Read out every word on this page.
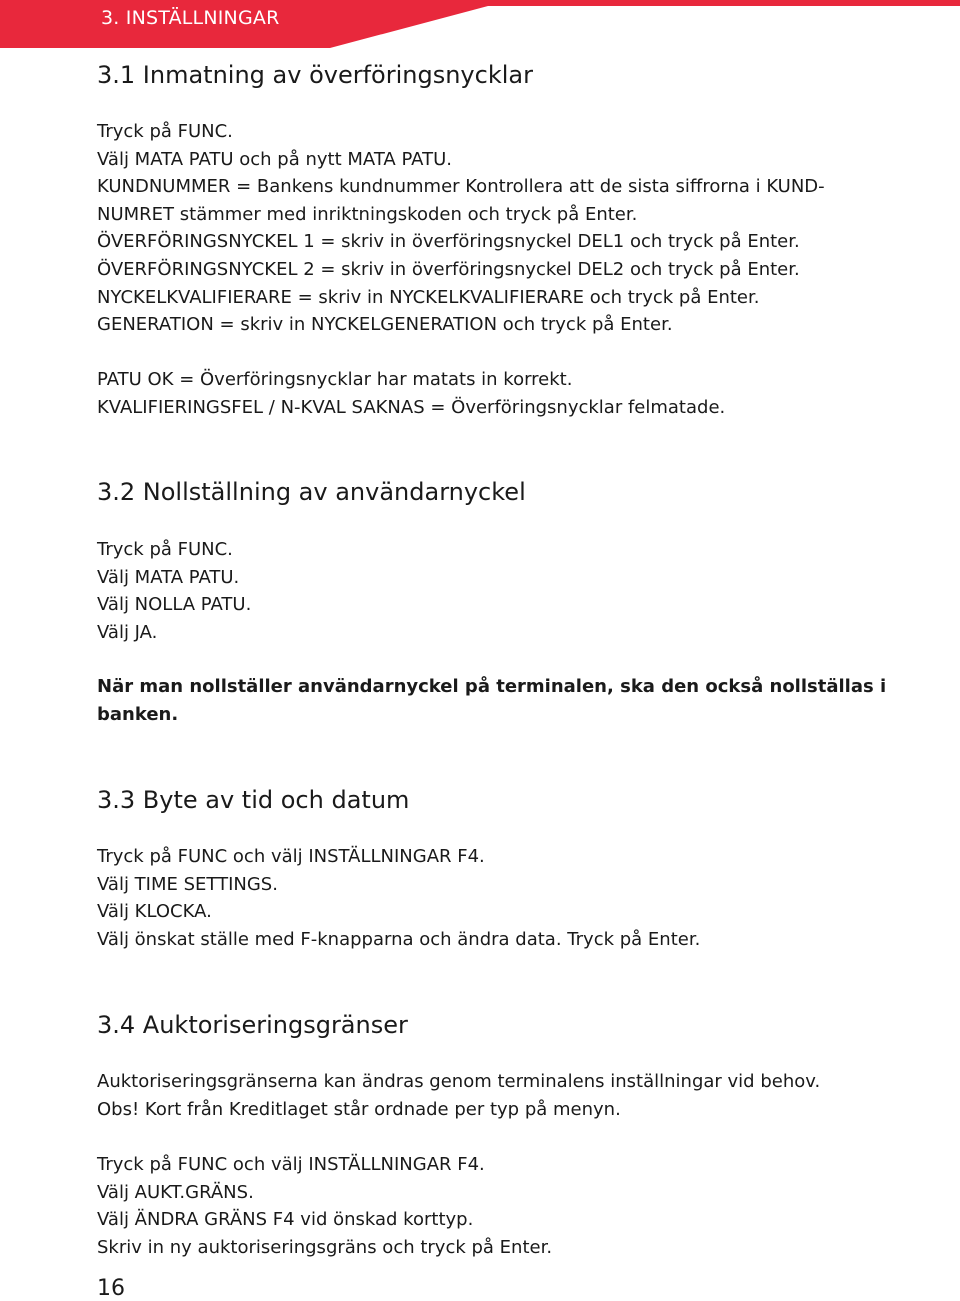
3. INSTÄLLNINGAR
3.1 Inmatning av överföringsnycklar
Tryck på FUNC.
Välj MATA PATU och på nytt MATA PATU.
KUNDNUMMER = Bankens kundnummer Kontrollera att de sista siffrorna i KUND-
NUMRET stämmer med inriktningskoden och tryck på Enter.
ÖVERFÖRINGSNYCKEL 1 = skriv in överföringsnyckel DEL1 och tryck på Enter.
ÖVERFÖRINGSNYCKEL 2 = skriv in överföringsnyckel DEL2 och tryck på Enter.
NYCKELKVALIFIERARE = skriv in NYCKELKVALIFIERARE och tryck på Enter.
GENERATION = skriv in NYCKELGENERATION och tryck på Enter.
PATU OK = Överföringsnycklar har matats in korrekt.
KVALIFIERINGSFEL / N-KVAL SAKNAS = Överföringsnycklar felmatade.
3.2 Nollställning av användarnyckel
Tryck på FUNC.
Välj MATA PATU.
Välj NOLLA PATU.
Välj JA.
När man nollställer användarnyckel på terminalen, ska den också nollställas i
banken.
3.3 Byte av tid och datum
Tryck på FUNC och välj INSTÄLLNINGAR F4.
Välj TIME SETTINGS.
Välj KLOCKA.
Välj önskat ställe med F-knapparna och ändra data. Tryck på Enter.
3.4 Auktoriseringsgränser
Auktoriseringsgränserna kan ändras genom terminalens inställningar vid behov.
Obs! Kort från Kreditlaget står ordnade per typ på menyn.
Tryck på FUNC och välj INSTÄLLNINGAR F4.
Välj AUKT.GRÄNS.
Välj ÄNDRA GRÄNS F4 vid önskad korttyp.
Skriv in ny auktoriseringsgräns och tryck på Enter.
16
